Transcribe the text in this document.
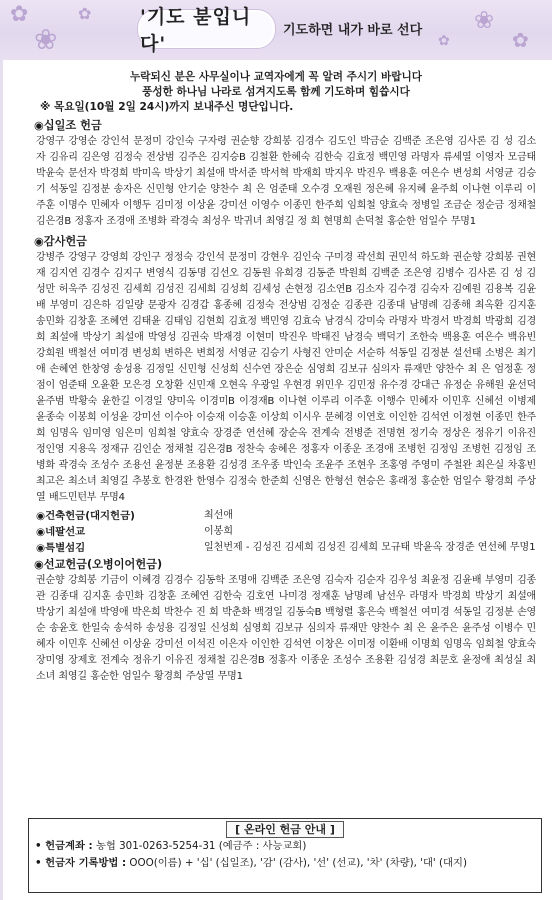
✿
❀
✿	❀
✿
✿
'기도 붇입니다'
기도하면 내가 바로 선다
누락되신 분은 사무실이나 교역자에게 꼭 알려 주시기 바랍니다
풍성한 하나님 나라로 섬겨지도록 함께 기도하며 힘씁시다
※ 목요일(10월 2일 24시)까지 보내주신 명단입니다.
◉십일조 헌금
강영구 강영순 강인석 문정미 강인숙 구자령 권순향 강희봉 김경수 김도인 박금순 김백준 조은영 김사론 김 성 김소자 김유리 김은영 김정숙 전상범 김주은 김지승B 김철환 한혜숙 김한숙 김효정 백민영 라명자 류세열 이영자 모금태 박윤숙 문선자 박경희 박미옥 박상기 최설애 박서준 박서혁 박재희 박지우 박진우 백용훈 여은수 변성희 서영균 김승기 석동일 김정분 송자은 신민형 안기순 양찬수 최 은 엄준태 오수경 오재원 정은혜 유지혜 윤주희 이나현 이루리 이주훈 이명수 민혜자 이행두 김미정 이상윤 강미선 이영수 이종민 한주희 임희철 양효숙 정병일 조금순 정순금 정채철 김은경B 정홍자 조경애 조병화 곽경숙 최성우 박귀녀 최영길 정 희 현명희 손덕철 홍순한 엄일수 무명1
◉감사헌금
강병주 강영구 강영희 강인구 정정숙 강인석 문정미 강현우 김인숙 구미경 곽선희 권민석 하도화 권순향 강희봉 권현재 김지연 김경수 김지구 변영식 김동명 김선오 김동원 유희경 김동준 박원희 김백준 조은영 김병수 김사론 김 성 김성만 허욱주 김성진 김세희 김성진 김세희 김성희 김세성 손현정 김소연B 김소자 김수경 김숙자 김예원 김용복 김윤배 부영미 김은하 김일량 문광자 김경갑 홍종혜 김정숙 전상범 김정순 김종관 김종대 남명례 김종해 최옥환 김지훈 송민화 김창훈 조혜연 김태윤 김태임 김현희 김효정 백민영 김효숙 남경식 강미숙 라명자 박경서 박경희 박광희 김경희 최설애 박상기 최설애 박영성 김권숙 박재경 이현미 박진우 박태진 남경숙 백덕기 조한숙 백용훈 여은수 백유빈 강희원 백철선 여미경 변성희 변하은 변희정 서영균 김승기 사형진 안미순 서순하 석동일 김정분 설선태 소병은 최기애 손혜연 한창영 송성용 김정일 신민형 신성희 신수연 장은순 심영희 김보규 심의자 류재만 양찬수 최 은 엄정훈 정점이 엄준태 오윤환 모은경 오창환 신민재 오현옥 우광일 우현경 위민우 김민정 유수경 강대근 유정순 유해원 윤선덕 윤주범 박황숙 윤한길 이경일 양미옥 이경미B 이경재B 이나현 이루리 이주훈 이행수 민혜자 이민후 신혜선 이병제 윤종숙 이봉희 이성윤 강미선 이수아 이승재 이승훈 이상희 이시우 문혜경 이연호 이인한 김석연 이정현 이종민 한주희 임명옥 임미영 임은미 임희철 양효숙 장경준 연선혜 장순옥 전계숙 전병준 전명현 정기숙 정상은 정유기 이유진 정인영 지용옥 정재규 김인순 정채철 김은경B 정찬숙 송혜은 정홍자 이종운 조경애 조병헌 김정임 조병헌 김정임 조병화 곽경숙 조성수 조용선 윤정분 조용환 김성경 조우종 박인숙 조윤주 조현우 조홍영 주영미 주철완 최은실 차홍빈 최고은 최소녀 최영길 추봉호 한경완 한영수 김정숙 한준희 신영은 한형선 현승은 홍래정 홍순한 엄일수 황경희 주상열 배드민턴부 무명4
◉건축헌금(대지헌금)	최선애
◉네팔선교	이봉희
◉특별섬김	일천번제 - 김성진 김세희 김성진 김세희 모규태 박윤옥 장경준 연선혜 무명1
◉선교헌금(오병이어헌금)
권순향 강희봉 기금이 이혜경 김경수 김동학 조명애 김백준 조은영 김숙자 김순자 김우성 최윤정 김윤배 부영미 김종관 김종대 김지훈 송민화 김창훈 조혜연 김한숙 김호연 나미경 정재훈 남명례 남선우 라명자 박경희 박상기 최설애 박상기 최설애 박영애 박은희 박찬수 진 희 박춘화 백경일 김동숙B 백형렬 홍은숙 백철선 여미경 석동일 김정분 손영순 송윤호 한일숙 송석하 송성용 김정일 신성희 심영희 김보규 심의자 류재만 양찬수 최 은 윤주은 윤주성 이병수 민혜자 이민후 신혜선 이상윤 강미선 이석진 이은자 이인한 김석연 이창은 이미정 이환배 이명희 임명옥 임희철 양효숙 장미영 장제호 전계숙 정유기 이유진 정채철 김은경B 정홍자 이종운 조성수 조용환 김성경 최문호 윤정애 최성실 최소녀 최영길 홍순한 엄일수 황경희 주상열 무명1
[ 온라인 헌금 안내 ]
• 헌금계좌 : 농협 301-0263-5254-31 (예금주 : 사능교회)
• 헌금자 기록방법 : OOO(이름) + '십' (십일조), '감' (감사), '선' (선교), '차' (차량), '대' (대지)
